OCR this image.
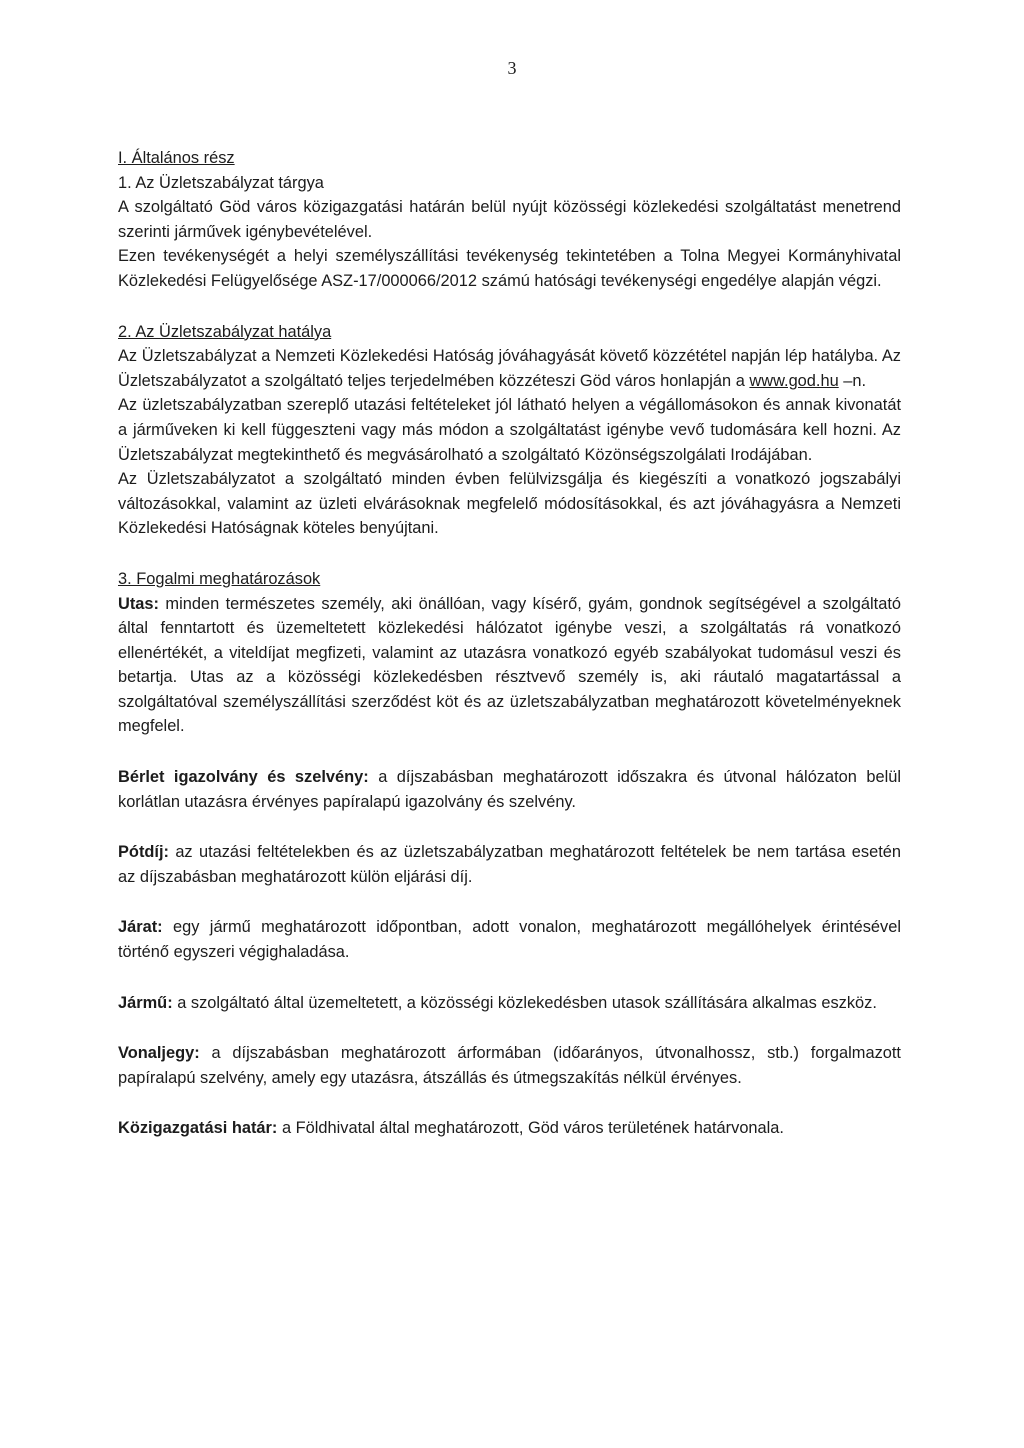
3

I. Általános rész

1. Az Üzletszabályzat tárgya

A szolgáltató Göd város közigazgatási határán belül nyújt közösségi közlekedési szolgáltatást menetrend szerinti járművek igénybevételével.

Ezen tevékenységét a helyi személyszállítási tevékenység tekintetében a Tolna Megyei Kormányhivatal Közlekedési Felügyelősége ASZ-17/000066/2012 számú hatósági tevékenységi engedélye alapján végzi.

2. Az Üzletszabályzat hatálya

Az Üzletszabályzat a Nemzeti Közlekedési Hatóság jóváhagyását követő közzététel napján lép hatályba. Az Üzletszabályzatot a szolgáltató teljes terjedelmében közzéteszi Göd város honlapján a www.god.hu –n.

Az üzletszabályzatban szereplő utazási feltételeket jól látható helyen a végállomásokon és annak kivonatát a járműveken ki kell függeszteni vagy más módon a szolgáltatást igénybe vevő tudomására kell hozni. Az Üzletszabályzat megtekinthető és megvásárolható a szolgáltató Közönségszolgálati Irodájában.

Az Üzletszabályzatot a szolgáltató minden évben felülvizsgálja és kiegészíti a vonatkozó jogszabályi változásokkal, valamint az üzleti elvárásoknak megfelelő módosításokkal, és azt jóváhagyásra a Nemzeti Közlekedési Hatóságnak köteles benyújtani.

3. Fogalmi meghatározások

Utas: minden természetes személy, aki önállóan, vagy kísérő, gyám, gondnok segítségével a szolgáltató által fenntartott és üzemeltetett közlekedési hálózatot igénybe veszi, a szolgáltatás rá vonatkozó ellenértékét, a viteldíjat megfizeti, valamint az utazásra vonatkozó egyéb szabályokat tudomásul veszi és betartja. Utas az a közösségi közlekedésben résztvevő személy is, aki ráutaló magatartással a szolgáltatóval személyszállítási szerződést köt és az üzletszabályzatban meghatározott követelményeknek megfelel.

Bérlet igazolvány és szelvény: a díjszabásban meghatározott időszakra és útvonal hálózaton belül korlátlan utazásra érvényes papíralapú igazolvány és szelvény.

Pótdíj: az utazási feltételekben és az üzletszabályzatban meghatározott feltételek be nem tartása esetén az díjszabásban meghatározott külön eljárási díj.

Járat: egy jármű meghatározott időpontban, adott vonalon, meghatározott megállóhelyek érintésével történő egyszeri végighaladása.

Jármű: a szolgáltató által üzemeltetett, a közösségi közlekedésben utasok szállítására alkalmas eszköz.

Vonaljegy: a díjszabásban meghatározott árformában (időarányos, útvonalhossz, stb.) forgalmazott papíralapú szelvény, amely egy utazásra, átszállás és útmegszakítás nélkül érvényes.

Közigazgatási határ: a Földhivatal által meghatározott, Göd város területének határvonala.
